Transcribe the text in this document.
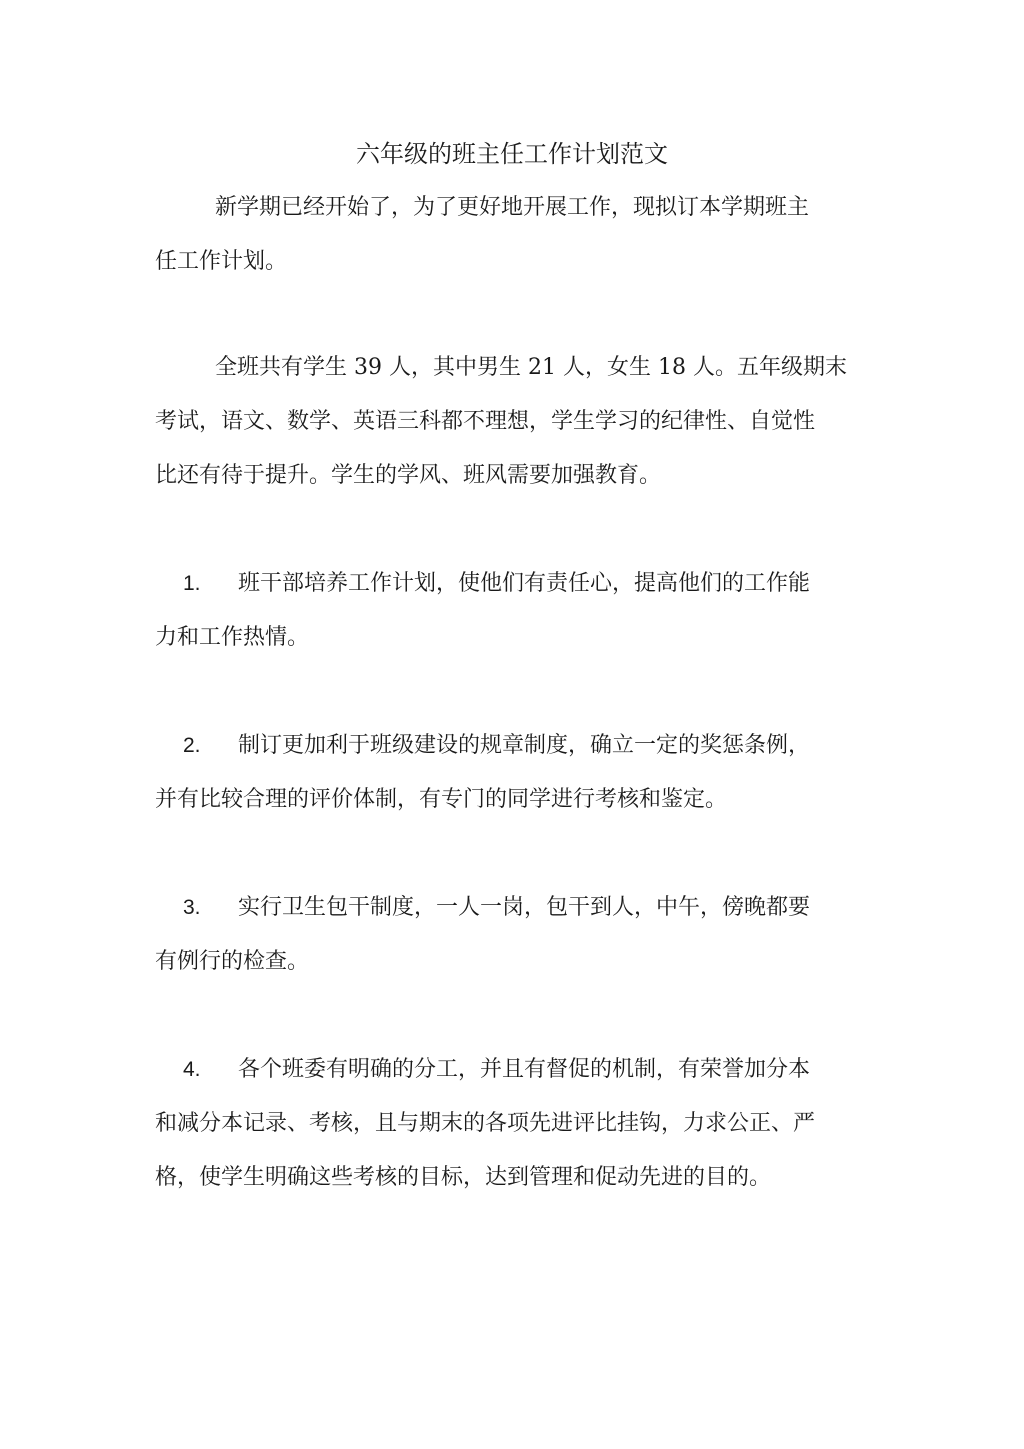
六年级的班主任工作计划范文
新学期已经开始了，为了更好地开展工作，现拟订本学期班主
任工作计划。
全班共有学生 39 人，其中男生 21 人，女生 18 人。五年级期末
考试，语文、数学、英语三科都不理想，学生学习的纪律性、自觉性
比还有待于提升。学生的学风、班风需要加强教育。
1. 班干部培养工作计划，使他们有责任心，提高他们的工作能
力和工作热情。
2. 制订更加利于班级建设的规章制度，确立一定的奖惩条例，
并有比较合理的评价体制，有专门的同学进行考核和鉴定。
3. 实行卫生包干制度，一人一岗，包干到人，中午，傍晚都要
有例行的检查。
4. 各个班委有明确的分工，并且有督促的机制，有荣誉加分本
和减分本记录、考核，且与期末的各项先进评比挂钩，力求公正、严
格，使学生明确这些考核的目标，达到管理和促动先进的目的。
